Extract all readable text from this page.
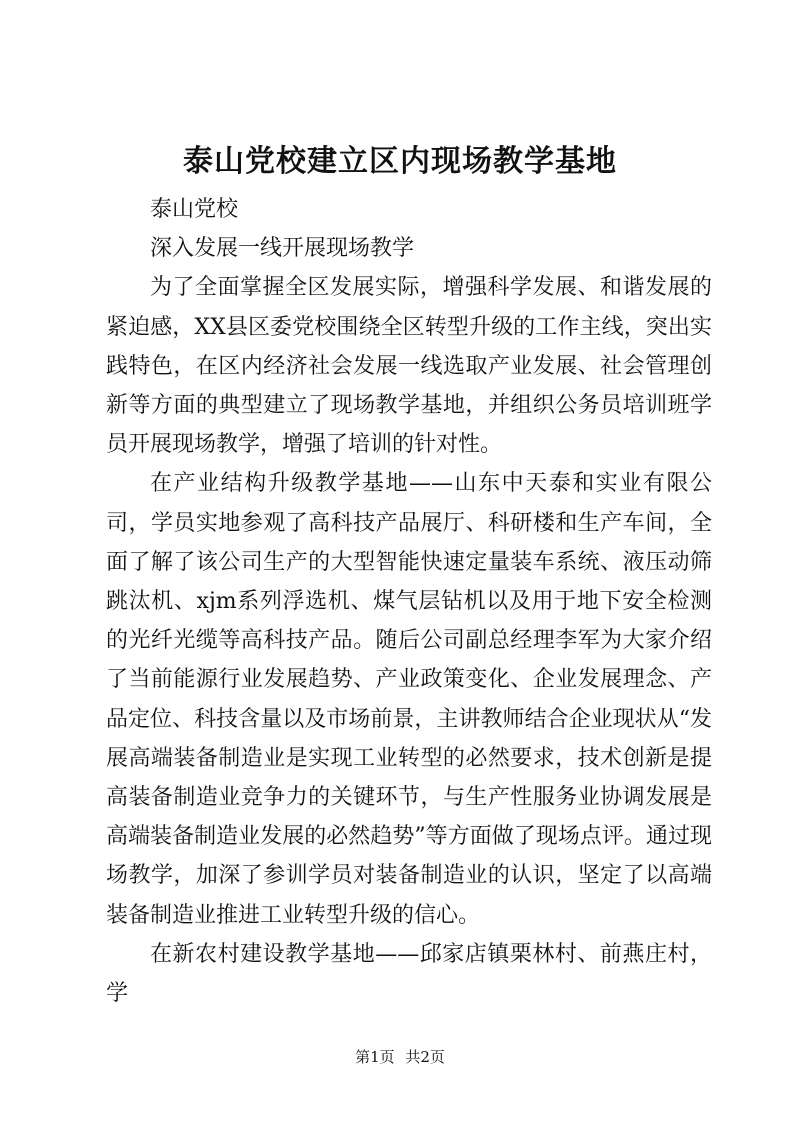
泰山党校建立区内现场教学基地

泰山党校

深入发展一线开展现场教学

为了全面掌握全区发展实际，增强科学发展、和谐发展的紧迫感，XX县区委党校围绕全区转型升级的工作主线，突出实践特色，在区内经济社会发展一线选取产业发展、社会管理创新等方面的典型建立了现场教学基地，并组织公务员培训班学员开展现场教学，增强了培训的针对性。

在产业结构升级教学基地——山东中天泰和实业有限公司，学员实地参观了高科技产品展厅、科研楼和生产车间，全面了解了该公司生产的大型智能快速定量装车系统、液压动筛跳汰机、xjm系列浮选机、煤气层钻机以及用于地下安全检测的光纤光缆等高科技产品。随后公司副总经理李军为大家介绍了当前能源行业发展趋势、产业政策变化、企业发展理念、产品定位、科技含量以及市场前景，主讲教师结合企业现状从“发展高端装备制造业是实现工业转型的必然要求，技术创新是提高装备制造业竞争力的关键环节，与生产性服务业协调发展是高端装备制造业发展的必然趋势”等方面做了现场点评。通过现场教学，加深了参训学员对装备制造业的认识，坚定了以高端装备制造业推进工业转型升级的信心。

在新农村建设教学基地——邱家店镇栗林村、前燕庄村，学

第1页 共2页
